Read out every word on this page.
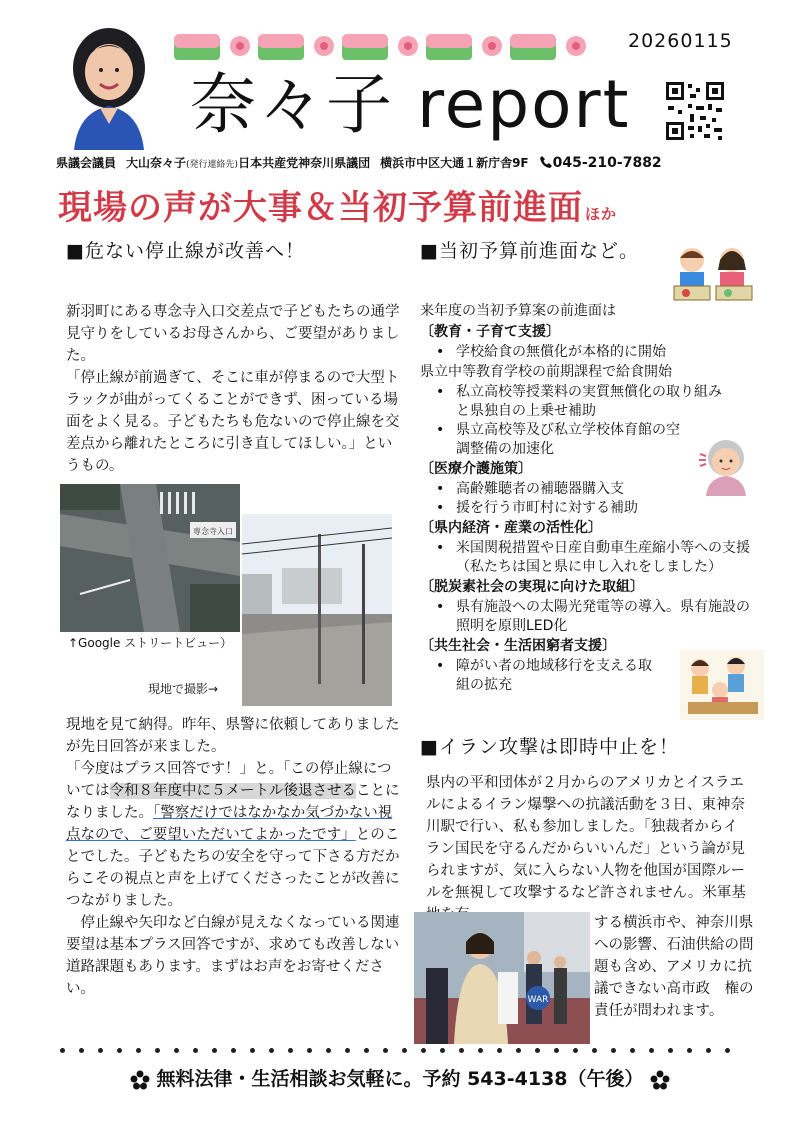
20260115
奈々子 report
県議会議員 大山奈々子(発行連絡先)日本共産党神奈川県議団 横浜市中区大通１新庁舎9F	045-210-7882
現場の声が大事＆当初予算前進面 ほか
■危ない停止線が改善へ！

新羽町にある専念寺入口交差点で子どもたちの通学見守りをしているお母さんから、ご要望がありました。

「停止線が前過ぎて、そこに車が停まるので大型トラックが曲がってくることができず、困っている場面をよく見る。子どもたちも危ないので停止線を交差点から離れたところに引き直してほしい。」というもの。

専念寺入口
↑Google ストリートビュー）
現地で撮影→

現地を見て納得。昨年、県警に依頼してありましたが先日回答が来ました。

「今度はプラス回答です！」と。「この停止線については令和８年度中に５メートル後退させることになりました。「警察だけではなかなか気づかない視点なので、ご要望いただいてよかったです」とのことでした。子どもたちの安全を守って下さる方だからこその視点と声を上げてくださったことが改善につながりました。

　停止線や矢印など白線が見えなくなっている関連要望は基本プラス回答ですが、求めても改善しない道路課題もあります。まずはお声をお寄せください。

■当初予算前進面など。

来年度の当初予算案の前進面は

〔教育・子育て支援〕

• 学校給食の無償化が本格的に開始

県立中等教育学校の前期課程で給食開始

• 私立高校等授業料の実質無償化の取り組みと県独自の上乗せ補助
• 県立高校等及び私立学校体育館の空調整備の加速化

〔医療介護施策〕

• 高齢難聴者の補聴器購入支
• 援を行う市町村に対する補助

〔県内経済・産業の活性化〕

• 米国関税措置や日産自動車生産縮小等への支援（私たちは国と県に申し入れをしました）

〔脱炭素社会の実現に向けた取組〕

• 県有施設への太陽光発電等の導入。県有施設の照明を原則LED化

〔共生社会・生活困窮者支援〕

• 障がい者の地域移行を支える取組の拡充
■イラン攻撃は即時中止を！

県内の平和団体が２月からのアメリカとイスラエルによるイラン爆撃への抗議活動を３日、東神奈川駅で行い、私も参加しました。「独裁者からイラン国民を守るんだからいいんだ」という論が見られますが、気に入らない人物を他国が国際ルールを無視して攻撃するなど許されません。米軍基

WAR

する横浜市や、神奈川県への影響、石油供給の問題も含め、アメリカに抗議できない高市政　権の責任が問われます。

無料法律・生活相談お気軽に。予約 543-4138（午後）
